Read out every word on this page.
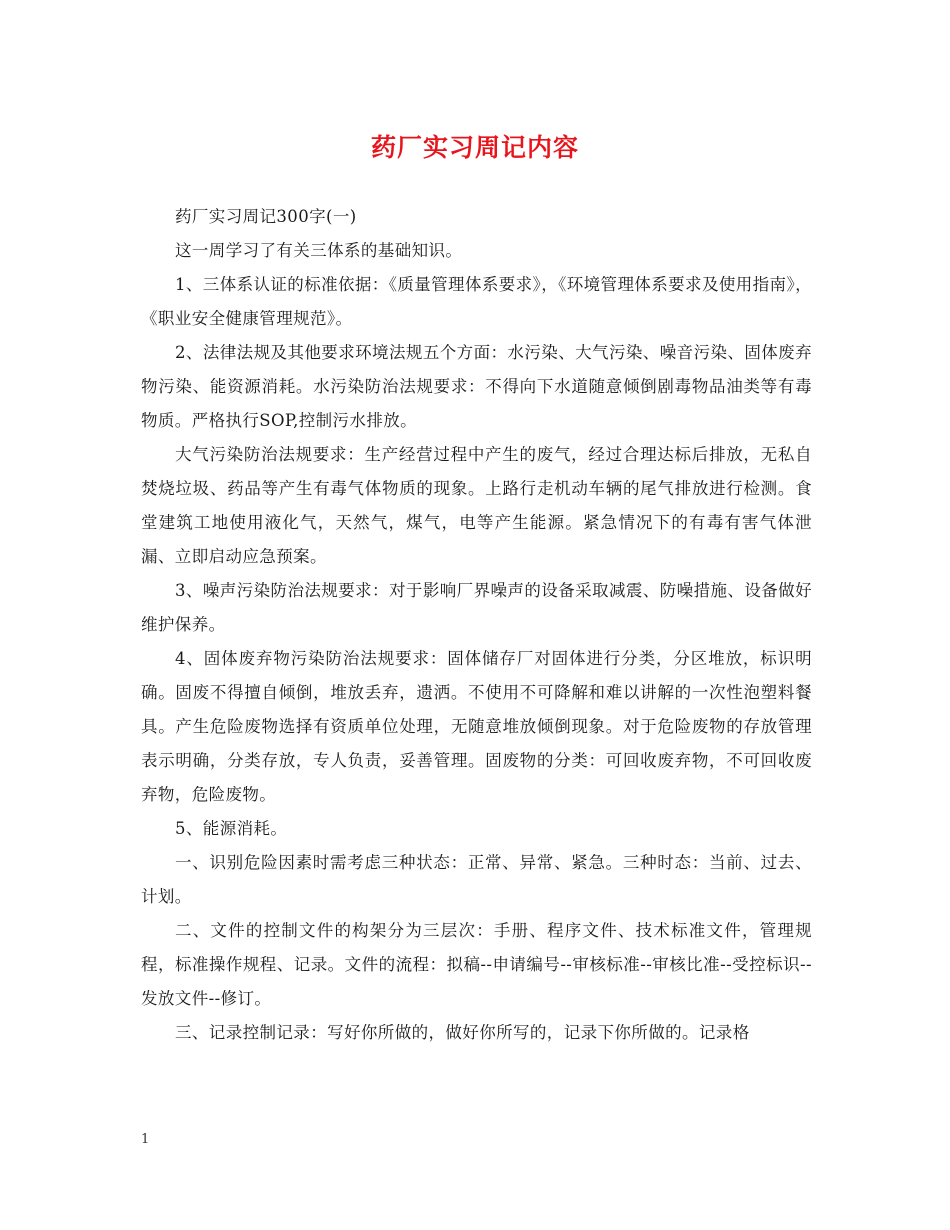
药厂实习周记内容

药厂实习周记300字(一)

这一周学习了有关三体系的基础知识。

1、三体系认证的标准依据：《质量管理体系要求》，《环境管理体系要求及使用指南》，《职业安全健康管理规范》。

2、法律法规及其他要求环境法规五个方面：水污染、大气污染、噪音污染、固体废弃物污染、能资源消耗。水污染防治法规要求：不得向下水道随意倾倒剧毒物品油类等有毒物质。严格执行SOP,控制污水排放。

大气污染防治法规要求：生产经营过程中产生的废气，经过合理达标后排放，无私自焚烧垃圾、药品等产生有毒气体物质的现象。上路行走机动车辆的尾气排放进行检测。食堂建筑工地使用液化气，天然气，煤气，电等产生能源。紧急情况下的有毒有害气体泄漏、立即启动应急预案。

3、噪声污染防治法规要求：对于影响厂界噪声的设备采取减震、防噪措施、设备做好维护保养。

4、固体废弃物污染防治法规要求：固体储存厂对固体进行分类，分区堆放，标识明确。固废不得擅自倾倒，堆放丢弃，遗洒。不使用不可降解和难以讲解的一次性泡塑料餐具。产生危险废物选择有资质单位处理，无随意堆放倾倒现象。对于危险废物的存放管理表示明确，分类存放，专人负责，妥善管理。固废物的分类：可回收废弃物，不可回收废弃物，危险废物。

5、能源消耗。

一、识别危险因素时需考虑三种状态：正常、异常、紧急。三种时态：当前、过去、计划。

二、文件的控制文件的构架分为三层次：手册、程序文件、技术标准文件，管理规程，标准操作规程、记录。文件的流程：拟稿--申请编号--审核标准--审核比准--受控标识--发放文件--修订。

三、记录控制记录：写好你所做的，做好你所写的，记录下你所做的。记录格

1
